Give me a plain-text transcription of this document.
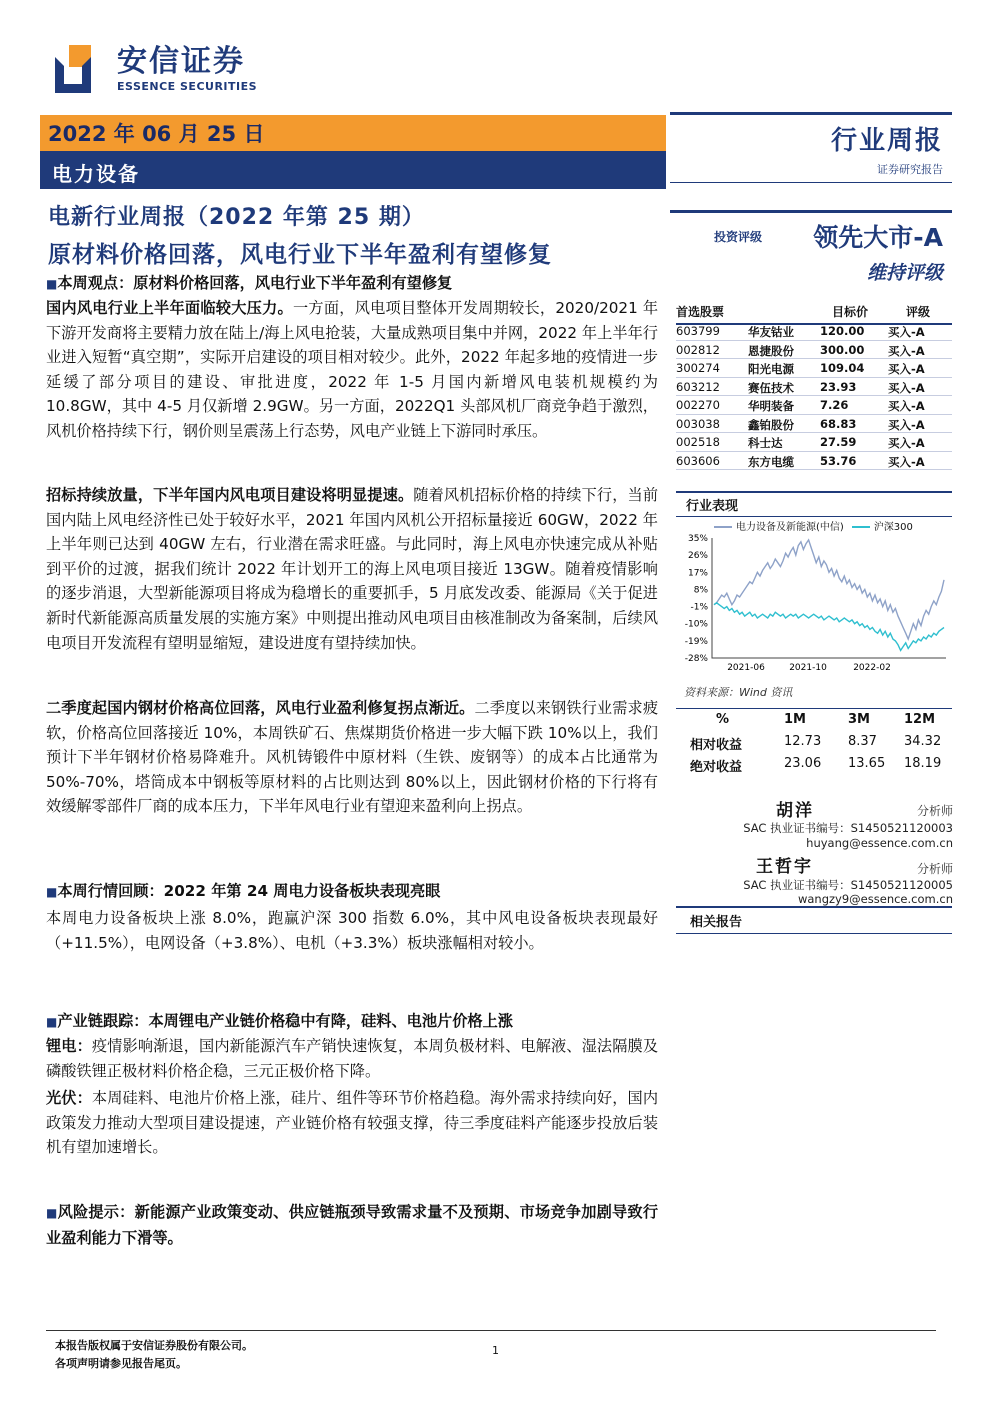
安信证券
ESSENCE SECURITIES
2022 年 06 月 25 日
电力设备
行业周报
证券研究报告
电新行业周报（2022 年第 25 期）
原材料价格回落，风电行业下半年盈利有望修复
投资评级 领先大市-A
维持评级
■本周观点：原材料价格回落，风电行业下半年盈利有望修复
国内风电行业上半年面临较大压力。一方面，风电项目整体开发周期较长，2020/2021 年下游开发商将主要精力放在陆上/海上风电抢装，大量成熟项目集中并网，2022 年上半年行业进入短暂“真空期”，实际开启建设的项目相对较少。此外，2022 年起多地的疫情进一步延缓了部分项目的建设、审批进度，2022 年 1-5 月国内新增风电装机规模约为 10.8GW，其中 4-5 月仅新增 2.9GW。另一方面，2022Q1 头部风机厂商竞争趋于激烈，风机价格持续下行，钢价则呈震荡上行态势，风电产业链上下游同时承压。
招标持续放量，下半年国内风电项目建设将明显提速。随着风机招标价格的持续下行，当前国内陆上风电经济性已处于较好水平，2021 年国内风机公开招标量接近 60GW，2022 年上半年则已达到 40GW 左右，行业潜在需求旺盛。与此同时，海上风电亦快速完成从补贴到平价的过渡，据我们统计 2022 年计划开工的海上风电项目接近 13GW。随着疫情影响的逐步消退，大型新能源项目将成为稳增长的重要抓手，5 月底发改委、能源局《关于促进新时代新能源高质量发展的实施方案》中则提出推动风电项目由核准制改为备案制，后续风电项目开发流程有望明显缩短，建设进度有望持续加快。
二季度起国内钢材价格高位回落，风电行业盈利修复拐点渐近。二季度以来钢铁行业需求疲软，价格高位回落接近 10%，本周铁矿石、焦煤期货价格进一步大幅下跌 10%以上，我们预计下半年钢材价格易降难升。风机铸锻件中原材料（生铁、废钢等）的成本占比通常为 50%-70%，塔筒成本中钢板等原材料的占比则达到 80%以上，因此钢材价格的下行将有效缓解零部件厂商的成本压力，下半年风电行业有望迎来盈利向上拐点。
■本周行情回顾：2022 年第 24 周电力设备板块表现亮眼
本周电力设备板块上涨 8.0%，跑赢沪深 300 指数 6.0%，其中风电设备板块表现最好（+11.5%），电网设备（+3.8%）、电机（+3.3%）板块涨幅相对较小。
■产业链跟踪：本周锂电产业链价格稳中有降，硅料、电池片价格上涨
锂电：疫情影响渐退，国内新能源汽车产销快速恢复，本周负极材料、电解液、湿法隔膜及磷酸铁锂正极材料价格企稳，三元正极价格下降。
光伏：本周硅料、电池片价格上涨，硅片、组件等环节价格趋稳。海外需求持续向好，国内政策发力推动大型项目建设提速，产业链价格有较强支撑，待三季度硅料产能逐步投放后装机有望加速增长。
■风险提示：新能源产业政策变动、供应链瓶颈导致需求量不及预期、市场竞争加剧导致行业盈利能力下滑等。
首选股票	目标价	评级
603799 华友钴业 120.00 买入-A
002812 恩捷股份 300.00 买入-A
300274 阳光电源 109.04 买入-A
603212 赛伍技术 23.93	买入-A
002270 华明装备 7.26	买入-A
003038 鑫铂股份 68.83	买入-A
002518 科士达	27.59	买入-A
603606 东方电缆 53.76	买入-A
行业表现
电力设备及新能源(中信)	沪深300
35%
26%
17%
8%
-1%
-10%
-19%
-28%
2021-06	2021-10	2022-02
资料来源：Wind 资讯
%	1M	3M	12M
相对收益	12.73 8.37 34.32
绝对收益	23.06 13.65 18.19
胡洋	分析师
SAC 执业证书编号：S1450521120003
huyang@essence.com.cn
王哲宇	分析师
SAC 执业证书编号：S1450521120005
wangzy9@essence.com.cn
相关报告
本报告版权属于安信证券股份有限公司。
各项声明请参见报告尾页。
1
